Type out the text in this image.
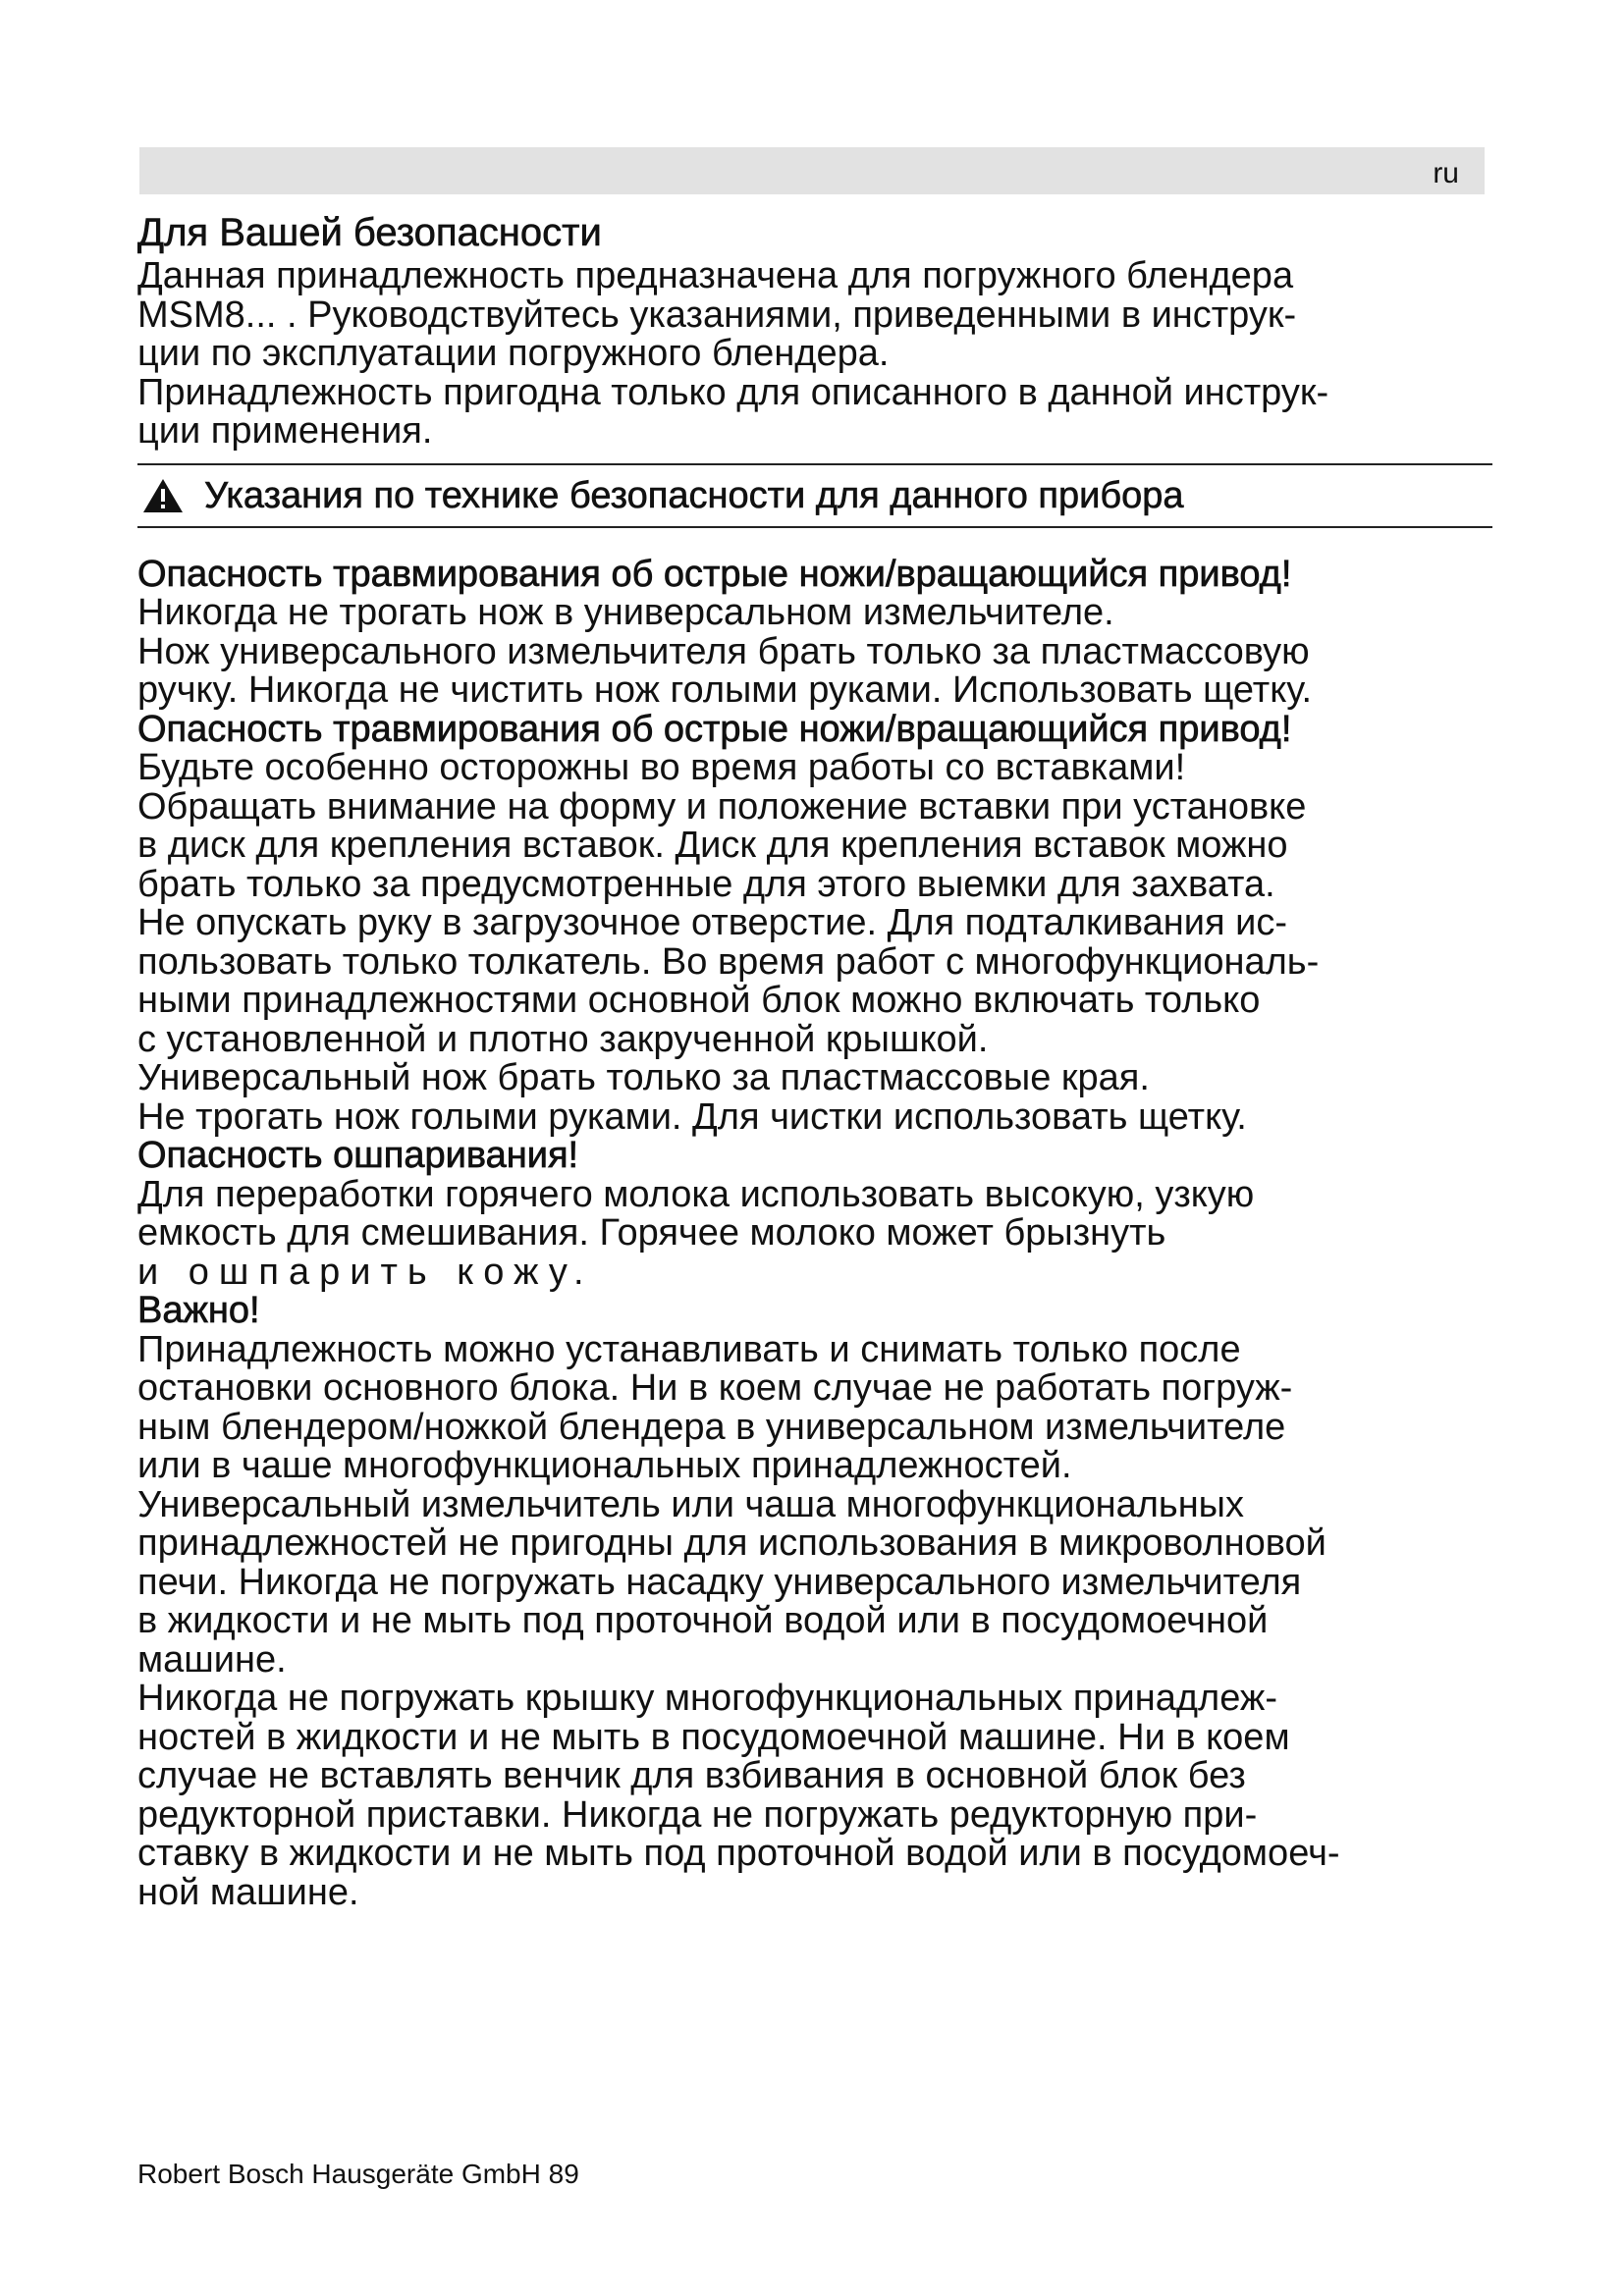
ru
Для Вашей безопасности

Данная принадлежность предназначена для погружного блендера

MSM8... . Руководствуйтесь указаниями, приведенными в инструк-

ции по эксплуатации погружного блендера.

Принадлежность пригодна только для описанного в данной инструк-

ции применения.

Указания по технике безопасности для данного прибора

Опасность травмирования об острые ножи/вращающийся привод!

Никогда не трогать нож в универсальном измельчителе.

Нож универсального измельчителя брать только за пластмассовую

ручку. Никогда не чистить нож голыми руками. Использовать щетку.

Опасность травмирования об острые ножи/вращающийся привод!

Будьте особенно осторожны во время работы со вставками!

Обращать внимание на форму и положение вставки при установке

в диск для крепления вставок. Диск для крепления вставок можно

брать только за предусмотренные для этого выемки для захвата.

Не опускать руку в загрузочное отверстие. Для подталкивания ис-

пользовать только толкатель. Во время работ с многофункциональ-

ными принадлежностями основной блок можно включать только

с установленной и плотно закрученной крышкой.

Универсальный нож брать только за пластмассовые края.

Не трогать нож голыми руками. Для чистки использовать щетку.

Опасность ошпаривания!

Для переработки горячего молока использовать высокую, узкую

емкость для смешивания. Горячее молоко может брызнуть

и ошпарить кожу.

Важно!

Принадлежность можно устанавливать и снимать только после

остановки основного блока. Ни в коем случае не работать погруж-

ным блендером/ножкой блендера в универсальном измельчителе

или в чаше многофункциональных принадлежностей.

Универсальный измельчитель или чаша многофункциональных

принадлежностей не пригодны для использования в микроволновой

печи. Никогда не погружать насадку универсального измельчителя

в жидкости и не мыть под проточной водой или в посудомоечной

машине.

Никогда не погружать крышку многофункциональных принадлеж-

ностей в жидкости и не мыть в посудомоечной машине. Ни в коем

случае не вставлять венчик для взбивания в основной блок без

редукторной приставки. Никогда не погружать редукторную при-

ставку в жидкости и не мыть под проточной водой или в посудомоеч-

ной машине.

Robert Bosch Hausgeräte GmbH 89
